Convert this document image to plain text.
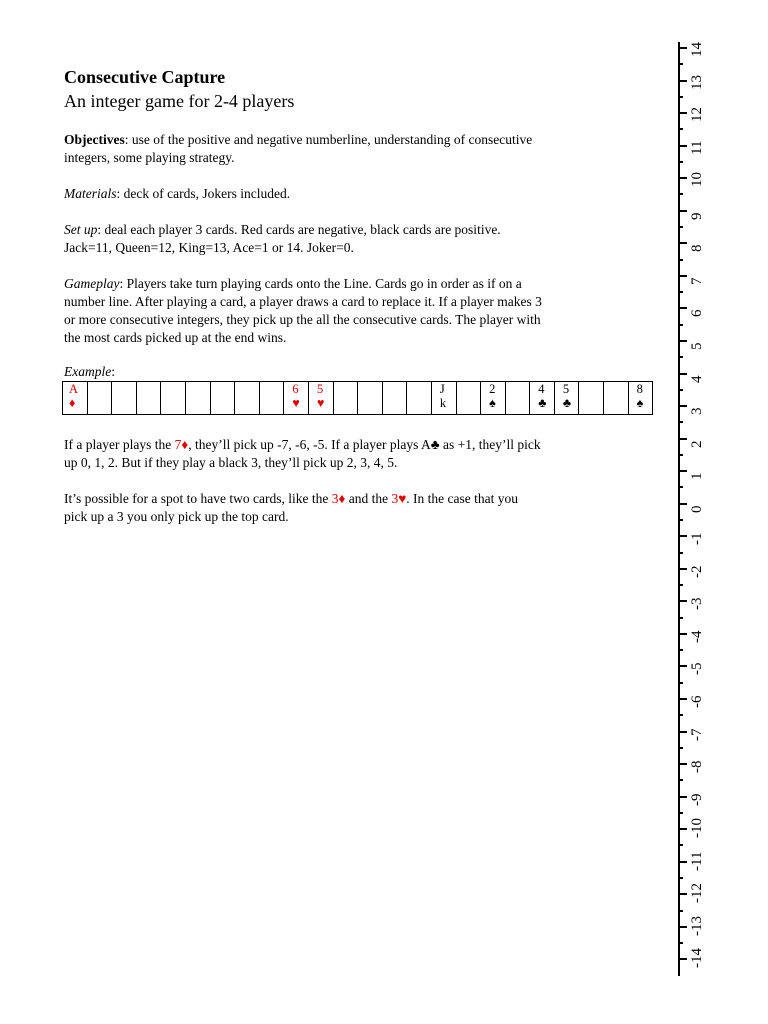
Consecutive Capture
An integer game for 2-4 players
Objectives: use of the positive and negative numberline, understanding of consecutive
integers, some playing strategy.
Materials: deck of cards, Jokers included.
Set up: deal each player 3 cards. Red cards are negative, black cards are positive.
Jack=11, Queen=12, King=13, Ace=1 or 14. Joker=0.
Gameplay: Players take turn playing cards onto the Line. Cards go in order as if on a
number line. After playing a card, a player draws a card to replace it. If a player makes 3
or more consecutive integers, they pick up the all the consecutive cards. The player with
the most cards picked up at the end wins.
Example:
A
♦

6
♥

5
♥

J
k

2
♠

4
♣

5
♣

8
♠
If a player plays the 7♦, they’ll pick up -7, -6, -5. If a player plays A♣ as +1, they’ll pick
up 0, 1, 2. But if they play a black 3, they’ll pick up 2, 3, 4, 5.
It’s possible for a spot to have two cards, like the 3♦ and the 3♥. In the case that you
pick up a 3 you only pick up the top card.
14
13
12
11
10
9
8
7
6
5
4
3
2
1
0
-1
-2
-3
-4
-5
-6
-7
-8
-9
-10
-11
-12
-13
-14
